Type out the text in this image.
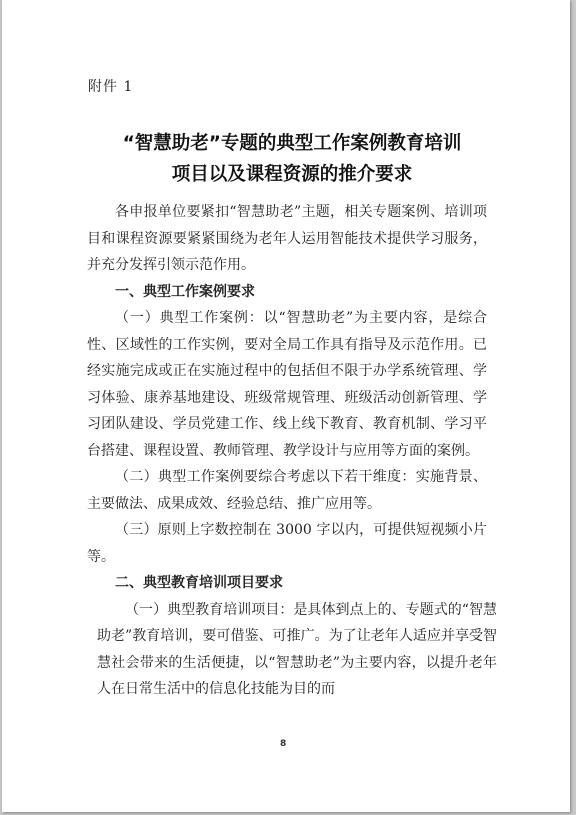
附件 1
“智慧助老”专题的典型工作案例教育培训
项目以及课程资源的推介要求

各申报单位要紧扣“智慧助老”主题，相关专题案例、培训项目和课程资源要紧紧围绕为老年人运用智能技术提供学习服务，并充分发挥引领示范作用。

一、典型工作案例要求

（一）典型工作案例：以“智慧助老”为主要内容，是综合性、区域性的工作实例，要对全局工作具有指导及示范作用。已经实施完成或正在实施过程中的包括但不限于办学系统管理、学习体验、康养基地建设、班级常规管理、班级活动创新管理、学习团队建设、学员党建工作、线上线下教育、教育机制、学习平台搭建、课程设置、教师管理、教学设计与应用等方面的案例。

（二）典型工作案例要综合考虑以下若干维度：实施背景、主要做法、成果成效、经验总结、推广应用等。

（三）原则上字数控制在 3000 字以内，可提供短视频小片等。

二、典型教育培训项目要求

（一）典型教育培训项目：是具体到点上的、专题式的“智慧助老”教育培训，要可借鉴、可推广。为了让老年人适应并享受智慧社会带来的生活便捷，以“智慧助老”为主要内容，以提升老年人在日常生活中的信息化技能为目的而

8
